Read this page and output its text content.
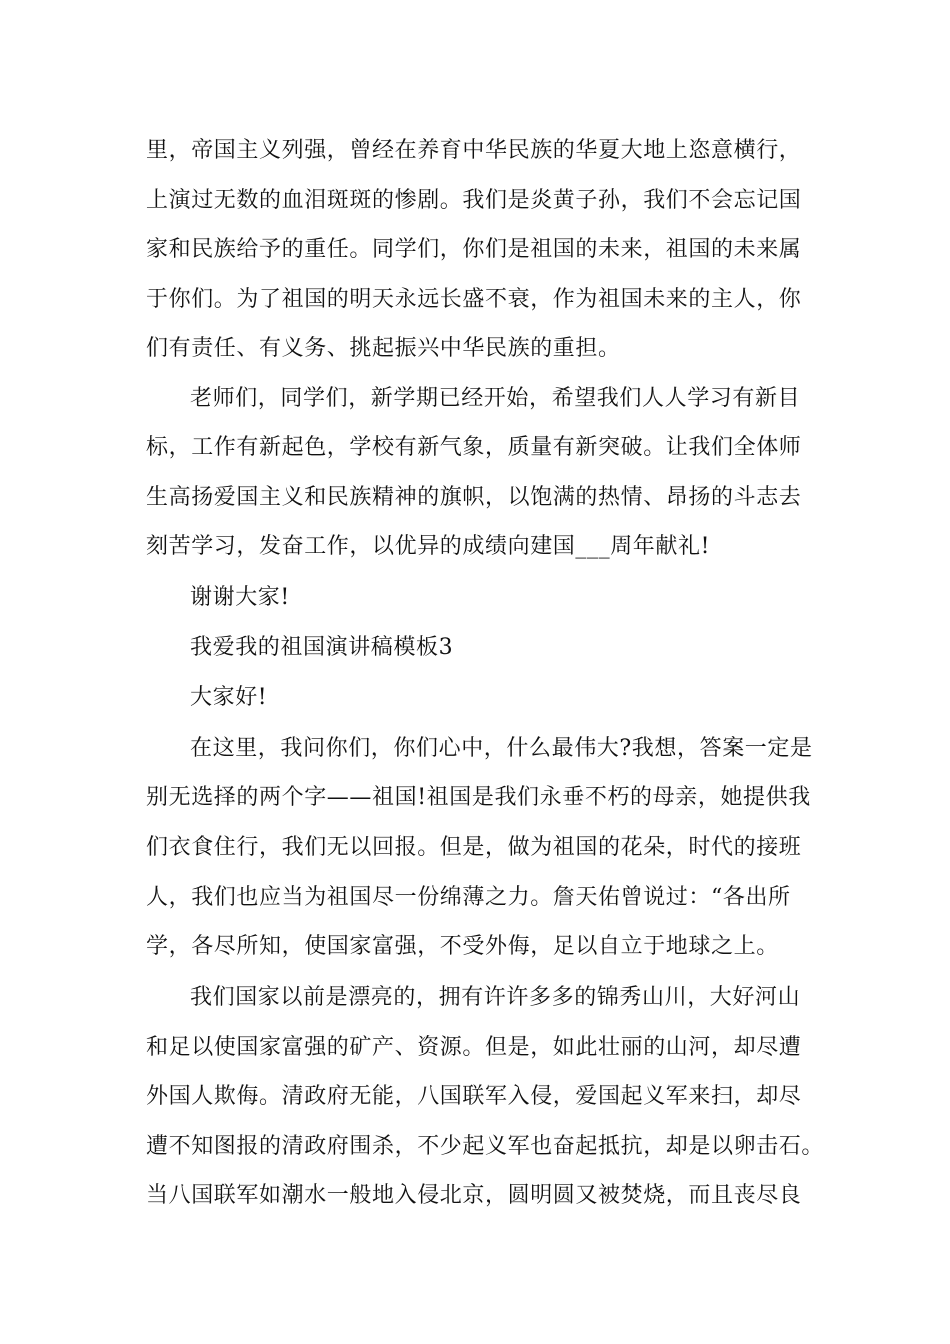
里，帝国主义列强，曾经在养育中华民族的华夏大地上恣意横行，
上演过无数的血泪斑斑的惨剧。我们是炎黄子孙，我们不会忘记国
家和民族给予的重任。同学们，你们是祖国的未来，祖国的未来属
于你们。为了祖国的明天永远长盛不衰，作为祖国未来的主人，你
们有责任、有义务、挑起振兴中华民族的重担。
老师们，同学们，新学期已经开始，希望我们人人学习有新目
标，工作有新起色，学校有新气象，质量有新突破。让我们全体师
生高扬爱国主义和民族精神的旗帜，以饱满的热情、昂扬的斗志去
刻苦学习，发奋工作，以优异的成绩向建国___周年献礼!
谢谢大家!
我爱我的祖国演讲稿模板3
大家好!
在这里，我问你们，你们心中，什么最伟大?我想，答案一定是
别无选择的两个字——祖国!祖国是我们永垂不朽的母亲，她提供我
们衣食住行，我们无以回报。但是，做为祖国的花朵，时代的接班
人，我们也应当为祖国尽一份绵薄之力。詹天佑曾说过：“各出所
学，各尽所知，使国家富强，不受外侮，足以自立于地球之上。
我们国家以前是漂亮的，拥有许许多多的锦秀山川，大好河山
和足以使国家富强的矿产、资源。但是，如此壮丽的山河，却尽遭
外国人欺侮。清政府无能，八国联军入侵，爱国起义军来扫，却尽
遭不知图报的清政府围杀，不少起义军也奋起抵抗，却是以卵击石。
当八国联军如潮水一般地入侵北京，圆明圆又被焚烧，而且丧尽良
